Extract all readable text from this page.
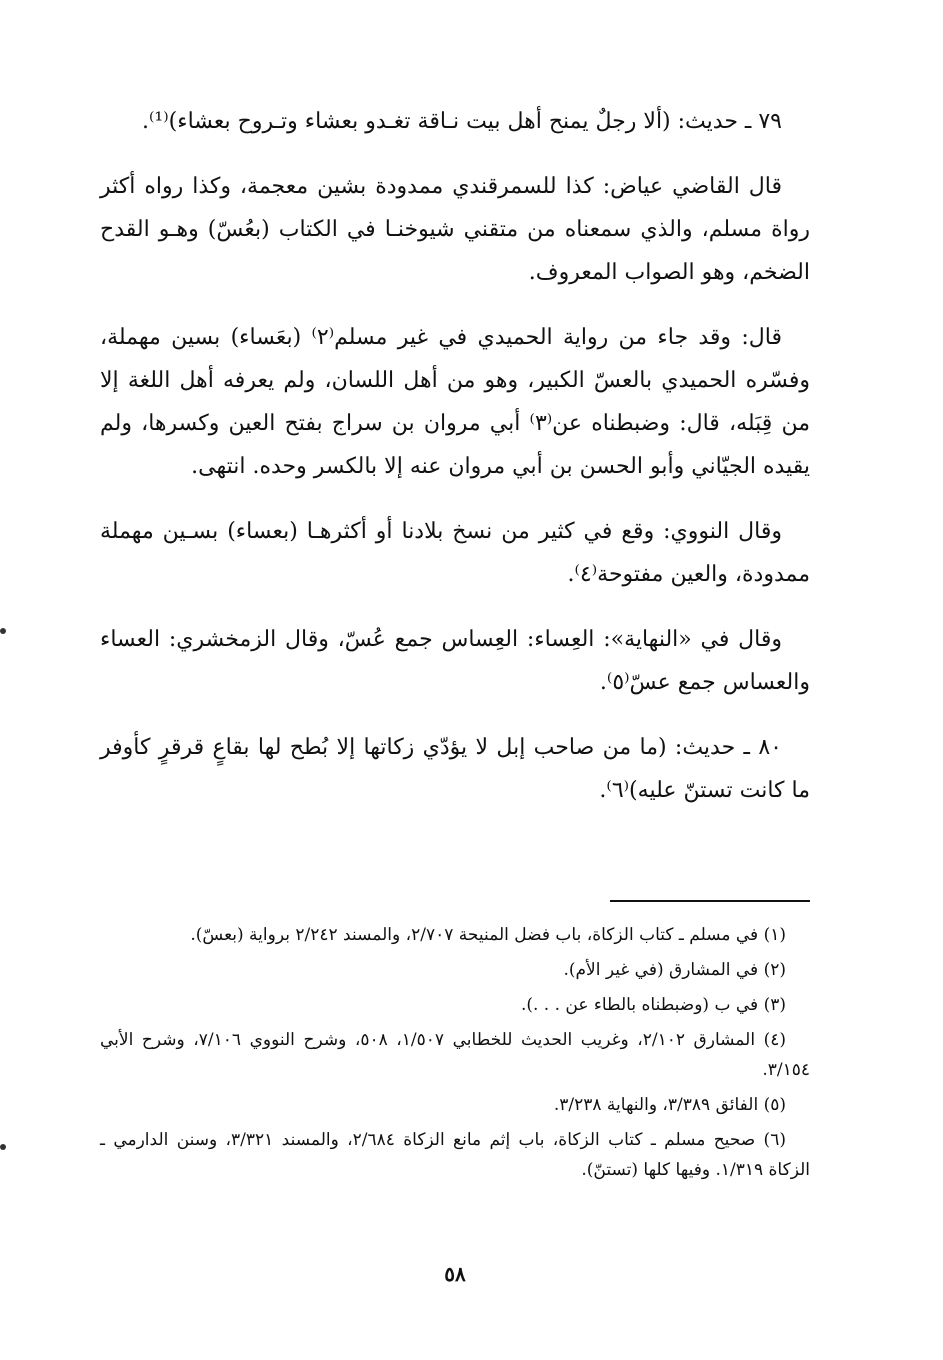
٧٩ ـ حديث: (ألا رجلٌ يمنح أهل بيت نـاقة تغـدو بعشاء وتـروح بعشاء)⁽¹⁾.

قال القاضي عياض: كذا للسمرقندي ممدودة بشين معجمة، وكذا رواه أكثر رواة مسلم، والذي سمعناه من متقني شيوخنـا في الكتاب (بعُسّ) وهـو القدح الضخم، وهو الصواب المعروف.

قال: وقد جاء من رواية الحميدي في غير مسلم⁽٢⁾ (بعَساء) بسين مهملة، وفسّره الحميدي بالعسّ الكبير، وهو من أهل اللسان، ولم يعرفه أهل اللغة إلا من قِبَله، قال: وضبطناه عن⁽٣⁾ أبي مروان بن سراج بفتح العين وكسرها، ولم يقيده الجيّاني وأبو الحسن بن أبي مروان عنه إلا بالكسر وحده. انتهى.

وقال النووي: وقع في كثير من نسخ بلادنا أو أكثرهـا (بعساء) بسـين مهملة ممدودة، والعين مفتوحة⁽٤⁾.

وقال في «النهاية»: العِساء: العِساس جمع عُسّ، وقال الزمخشري: العساء والعساس جمع عسّ⁽٥⁾.

٨٠ ـ حديث: (ما من صاحب إبل لا يؤدّي زكاتها إلا بُطح لها بقاعٍ قرقرٍ كأوفر ما كانت تستنّ عليه)⁽٦⁾.

(١) في مسلم ـ كتاب الزكاة، باب فضل المنيحة ٢/٧٠٧، والمسند ٢/٢٤٢ برواية (بعسّ).

(٢) في المشارق (في غير الأم).

(٣) في ب (وضبطناه بالطاء عن . . .).

(٤) المشارق ٢/١٠٢، وغريب الحديث للخطابي ١/٥٠٧، ٥٠٨، وشرح النووي ٧/١٠٦، وشرح الأبي ٣/١٥٤.

(٥) الفائق ٣/٣٨٩، والنهاية ٣/٢٣٨.

(٦) صحيح مسلم ـ كتاب الزكاة، باب إثم مانع الزكاة ٢/٦٨٤، والمسند ٣/٣٢١، وسنن الدارمي ـ الزكاة ١/٣١٩. وفيها كلها (تستنّ).

٥٨
